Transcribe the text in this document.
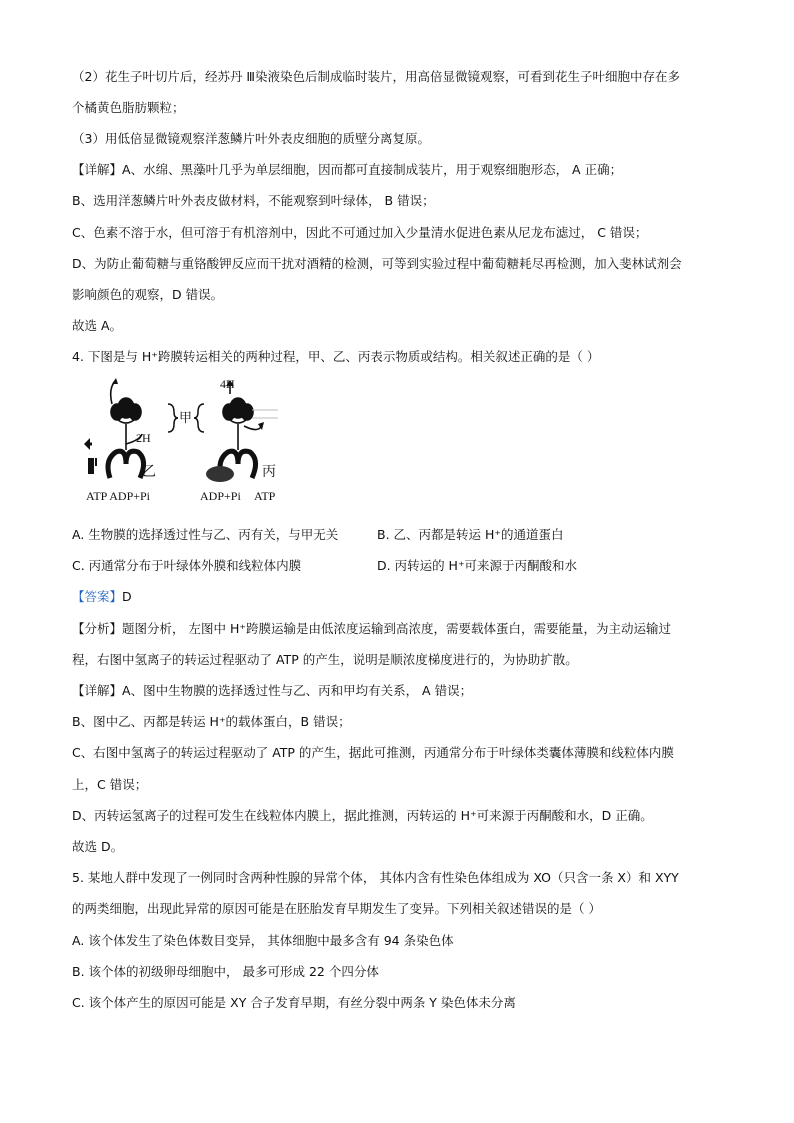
（2）花生子叶切片后，经苏丹 Ⅲ染液染色后制成临时装片，用高倍显微镜观察，可看到花生子叶细胞中存在多
个橘黄色脂肪颗粒；
（3）用低倍显微镜观察洋葱鳞片叶外表皮细胞的质壁分离复原。
【详解】A、水绵、黑藻叶几乎为单层细胞，因而都可直接制成装片，用于观察细胞形态， A 正确；
B、选用洋葱鳞片叶外表皮做材料，不能观察到叶绿体， B 错误；
C、色素不溶于水，但可溶于有机溶剂中，因此不可通过加入少量清水促进色素从尼龙布滤过， C 错误；
D、为防止葡萄糖与重铬酸钾反应而干扰对酒精的检测，可等到实验过程中葡萄糖耗尽再检测，加入斐林试剂会
影响颜色的观察，D 错误。
故选 A。
4. 下图是与 H⁺跨膜转运相关的两种过程，甲、乙、丙表示物质或结构。相关叙述正确的是（ ）
2H
乙
ATP ADP+Pi
甲
4H
丙
ADP+Pi ATP
A. 生物膜的选择透过性与乙、丙有关，与甲无关	B. 乙、丙都是转运 H⁺的通道蛋白
C. 丙通常分布于叶绿体外膜和线粒体内膜	D. 丙转运的 H⁺可来源于丙酮酸和水
【答案】D
【分析】题图分析， 左图中 H⁺跨膜运输是由低浓度运输到高浓度，需要载体蛋白，需要能量，为主动运输过
程，右图中氢离子的转运过程驱动了 ATP 的产生，说明是顺浓度梯度进行的，为协助扩散。
【详解】A、图中生物膜的选择透过性与乙、丙和甲均有关系， A 错误；
B、图中乙、丙都是转运 H⁺的载体蛋白，B 错误；
C、右图中氢离子的转运过程驱动了 ATP 的产生，据此可推测，丙通常分布于叶绿体类囊体薄膜和线粒体内膜
上，C 错误；
D、丙转运氢离子的过程可发生在线粒体内膜上，据此推测，丙转运的 H⁺可来源于丙酮酸和水，D 正确。
故选 D。
5. 某地人群中发现了一例同时含两种性腺的异常个体， 其体内含有性染色体组成为 XO（只含一条 X）和 XYY
的两类细胞，出现此异常的原因可能是在胚胎发育早期发生了变异。下列相关叙述错误的是（ ）
A. 该个体发生了染色体数目变异， 其体细胞中最多含有 94 条染色体
B. 该个体的初级卵母细胞中， 最多可形成 22 个四分体
C. 该个体产生的原因可能是 XY 合子发育早期，有丝分裂中两条 Y 染色体未分离
